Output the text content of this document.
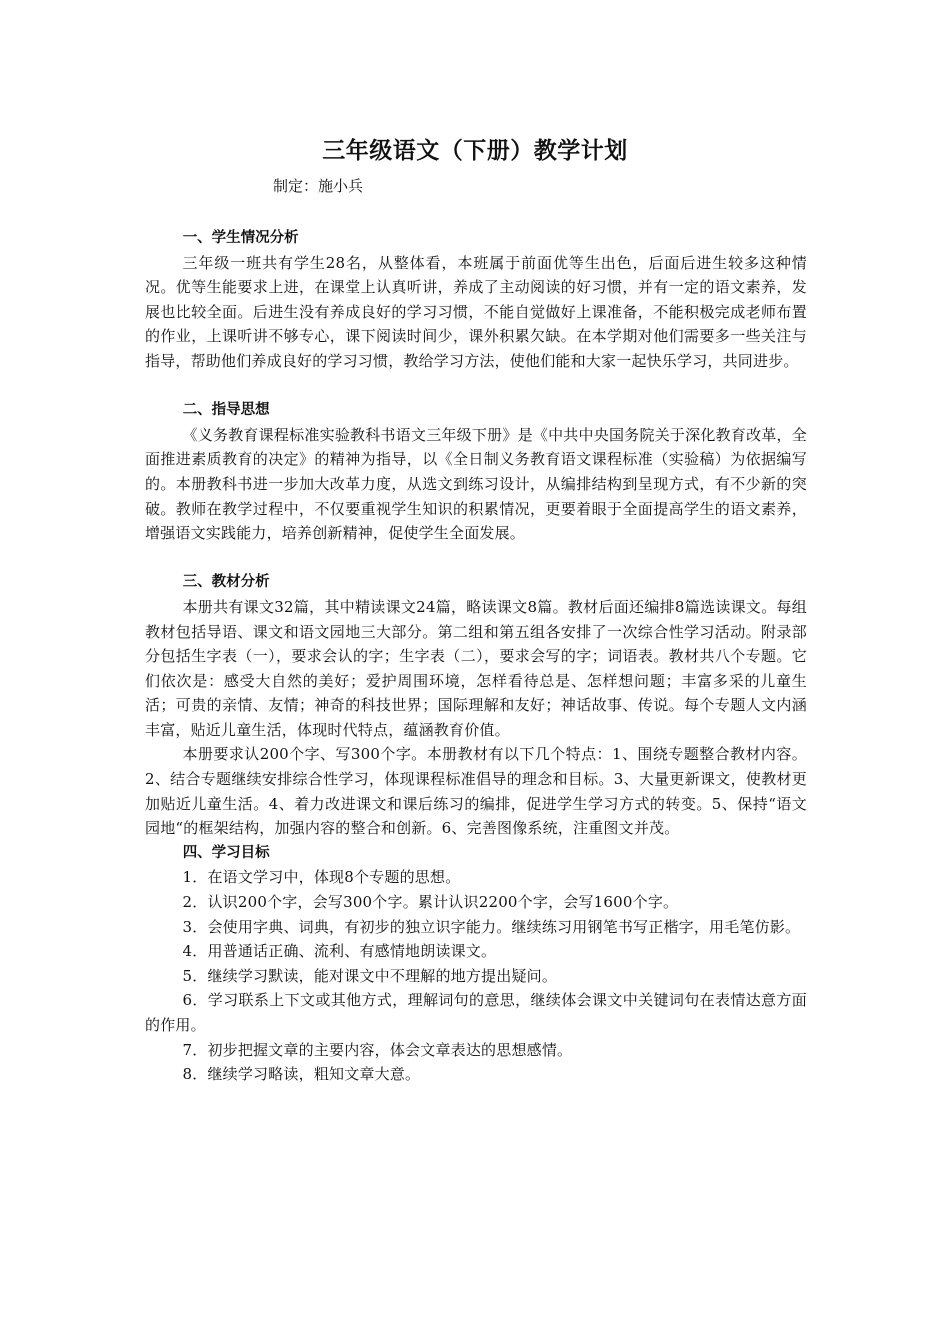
三年级语文（下册）教学计划
制定：施小兵
一、学生情况分析

三年级一班共有学生28名，从整体看，本班属于前面优等生出色，后面后进生较多这种情况。优等生能要求上进，在课堂上认真听讲，养成了主动阅读的好习惯，并有一定的语文素养，发展也比较全面。后进生没有养成良好的学习习惯，不能自觉做好上课准备，不能积极完成老师布置的作业，上课听讲不够专心，课下阅读时间少，课外积累欠缺。在本学期对他们需要多一些关注与指导，帮助他们养成良好的学习习惯，教给学习方法，使他们能和大家一起快乐学习，共同进步。

二、指导思想

《义务教育课程标准实验教科书语文三年级下册》是《中共中央国务院关于深化教育改革，全面推进素质教育的决定》的精神为指导，以《全日制义务教育语文课程标准（实验稿）为依据编写的。本册教科书进一步加大改革力度，从选文到练习设计，从编排结构到呈现方式，有不少新的突破。教师在教学过程中，不仅要重视学生知识的积累情况，更要着眼于全面提高学生的语文素养，增强语文实践能力，培养创新精神，促使学生全面发展。

三、教材分析

本册共有课文32篇，其中精读课文24篇，略读课文8篇。教材后面还编排8篇选读课文。每组教材包括导语、课文和语文园地三大部分。第二组和第五组各安排了一次综合性学习活动。附录部分包括生字表（一），要求会认的字；生字表（二），要求会写的字；词语表。教材共八个专题。它们依次是：感受大自然的美好；爱护周围环境，怎样看待总是、怎样想问题；丰富多采的儿童生活；可贵的亲情、友情；神奇的科技世界；国际理解和友好；神话故事、传说。每个专题人文内涵丰富，贴近儿童生活，体现时代特点，蕴涵教育价值。

本册要求认200个字、写300个字。本册教材有以下几个特点：1、围绕专题整合教材内容。2、结合专题继续安排综合性学习，体现课程标准倡导的理念和目标。3、大量更新课文，使教材更加贴近儿童生活。4、着力改进课文和课后练习的编排，促进学生学习方式的转变。5、保持“语文园地“的框架结构，加强内容的整合和创新。6、完善图像系统，注重图文并茂。

四、学习目标
1．在语文学习中，体现8个专题的思想。
2．认识200个字，会写300个字。累计认识2200个字，会写1600个字。
3．会使用字典、词典，有初步的独立识字能力。继续练习用钢笔书写正楷字，用毛笔仿影。
4．用普通话正确、流利、有感情地朗读课文。
5．继续学习默读，能对课文中不理解的地方提出疑问。
6．学习联系上下文或其他方式，理解词句的意思，继续体会课文中关键词句在表情达意方面的作用。
7．初步把握文章的主要内容，体会文章表达的思想感情。
8．继续学习略读，粗知文章大意。
